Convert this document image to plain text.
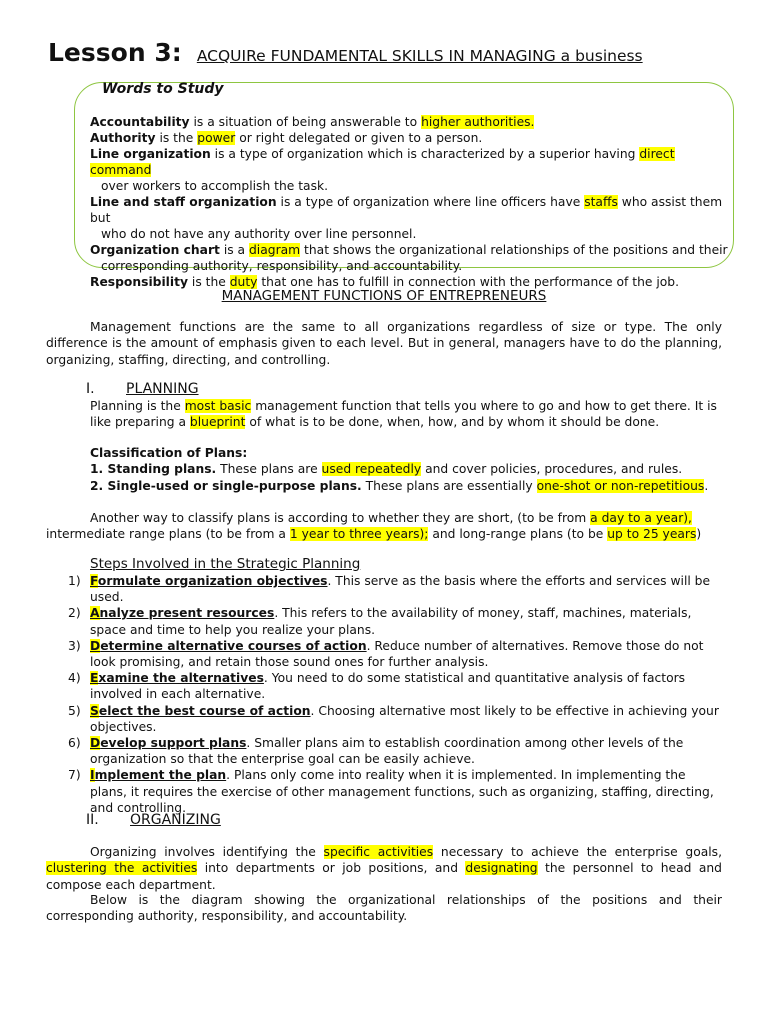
Lesson 3: ACQUIRe FUNDAMENTAL SKILLS IN MANAGING a business
Words to Study

Accountability is a situation of being answerable to higher authorities.

Authority is the power or right delegated or given to a person.

Line organization is a type of organization which is characterized by a superior having direct command

over workers to accomplish the task.

Line and staff organization is a type of organization where line officers have staffs who assist them but

who do not have any authority over line personnel.

Organization chart is a diagram that shows the organizational relationships of the positions and their

corresponding authority, responsibility, and accountability.

Responsibility is the duty that one has to fulfill in connection with the performance of the job.

MANAGEMENT FUNCTIONS OF ENTREPRENEURS

Management functions are the same to all organizations regardless of size or type. The only difference is the amount of emphasis given to each level. But in general, managers have to do the planning, organizing, staffing, directing, and controlling.

I. PLANNING

Planning is the most basic management function that tells you where to go and how to get there. It is like preparing a blueprint of what is to be done, when, how, and by whom it should be done.

Classification of Plans:

1. Standing plans. These plans are used repeatedly and cover policies, procedures, and rules.

2. Single-used or single-purpose plans. These plans are essentially one-shot or non-repetitious.

Another way to classify plans is according to whether they are short, (to be from a day to a year), intermediate range plans (to be from a 1 year to three years); and long-range plans (to be up to 25 years)

Steps Involved in the Strategic Planning

1) Formulate organization objectives. This serve as the basis where the efforts and services will be used.

2) Analyze present resources. This refers to the availability of money, staff, machines, materials, space and time to help you realize your plans.

3) Determine alternative courses of action. Reduce number of alternatives. Remove those do not look promising, and retain those sound ones for further analysis.

4) Examine the alternatives. You need to do some statistical and quantitative analysis of factors involved in each alternative.

5) Select the best course of action. Choosing alternative most likely to be effective in achieving your objectives.

6) Develop support plans. Smaller plans aim to establish coordination among other levels of the organization so that the enterprise goal can be easily achieve.

7) Implement the plan. Plans only come into reality when it is implemented. In implementing the plans, it requires the exercise of other management functions, such as organizing, staffing, directing, and controlling.

II. ORGANIZING

Organizing involves identifying the specific activities necessary to achieve the enterprise goals, clustering the activities into departments or job positions, and designating the personnel to head and compose each department.

Below is the diagram showing the organizational relationships of the positions and their corresponding authority, responsibility, and accountability.
